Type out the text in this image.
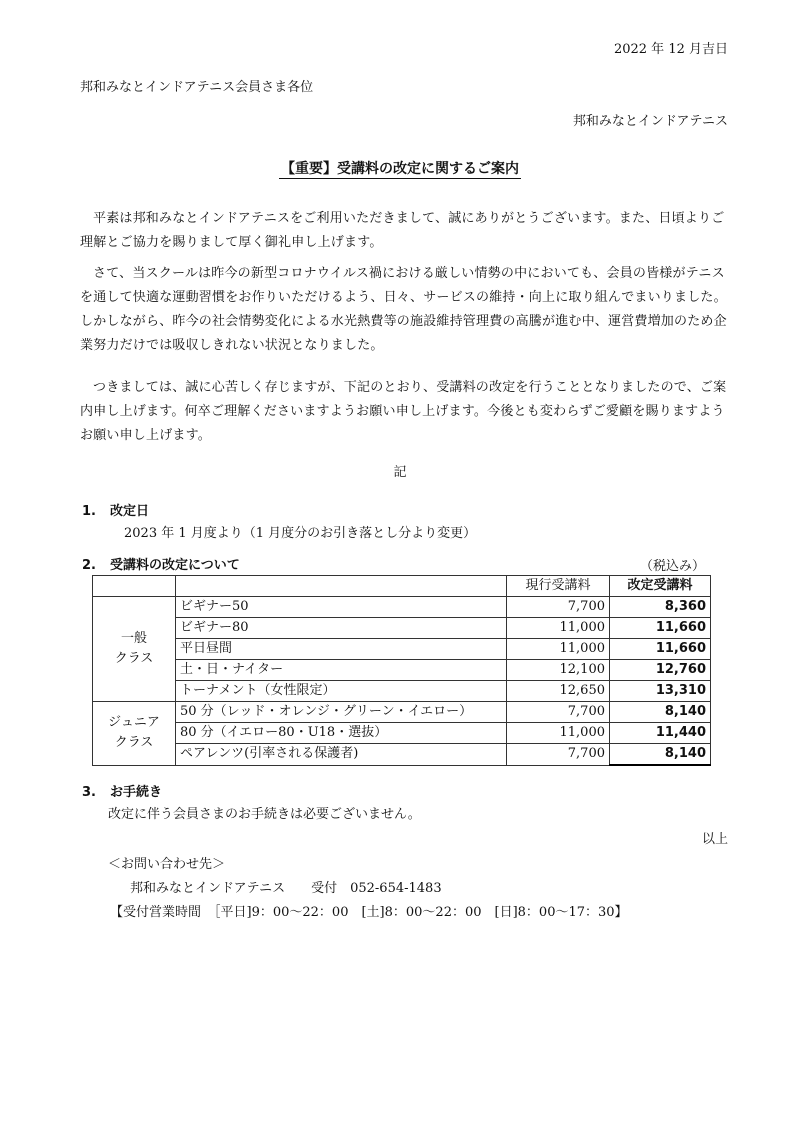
2022 年 12 月吉日
邦和みなとインドアテニス会員さま各位
邦和みなとインドアテニス
【重要】受講料の改定に関するご案内
平素は邦和みなとインドアテニスをご利用いただきまして、誠にありがとうございます。また、日頃よりご理解とご協力を賜りまして厚く御礼申し上げます。
さて、当スクールは昨今の新型コロナウイルス禍における厳しい情勢の中においても、会員の皆様がテニスを通して快適な運動習慣をお作りいただけるよう、日々、サービスの維持・向上に取り組んでまいりました。しかしながら、昨今の社会情勢変化による水光熱費等の施設維持管理費の高騰が進む中、運営費増加のため企業努力だけでは吸収しきれない状況となりました。
つきましては、誠に心苦しく存じますが、下記のとおり、受講料の改定を行うこととなりましたので、ご案内申し上げます。何卒ご理解くださいますようお願い申し上げます。今後とも変わらずご愛顧を賜りますようお願い申し上げます。
記
1. 改定日
2023 年 1 月度より（1 月度分のお引き落とし分より変更）
2. 受講料の改定について	（税込み）
		現行受講料	改定受講料
一般
クラス	ビギナー50	7,700	8,360
	ビギナー80	11,000	11,660
	平日昼間	11,000	11,660
	土・日・ナイター	12,100	12,760
	トーナメント（女性限定）	12,650	13,310
ジュニア
クラス	50 分（レッド・オレンジ・グリーン・イエロー）	7,700	8,140
	80 分（イエロー80・U18・選抜）	11,000	11,440
	ペアレンツ(引率される保護者)	7,700	8,140
3. お手続き
改定に伴う会員さまのお手続きは必要ございません。
以上
＜お問い合わせ先＞
邦和みなとインドアテニス 受付　052-654-1483
【受付営業時間　［平日]9：00〜22：00　[土]8：00〜22：00　[日]8：00〜17：30】
